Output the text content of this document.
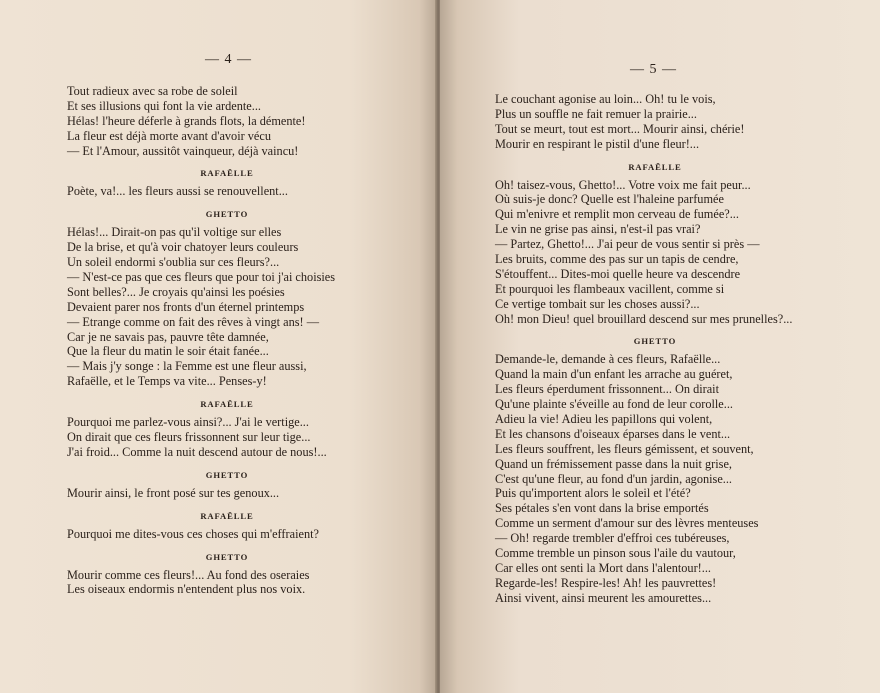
— 4 —
Tout radieux avec sa robe de soleil
Et ses illusions qui font la vie ardente...
Hélas! l'heure déferle à grands flots, la démente!
La fleur est déjà morte avant d'avoir vécu
— Et l'Amour, aussitôt vainqueur, déjà vaincu!
RAFAËLLE
Poète, va!... les fleurs aussi se renouvellent...
GHETTO
Hélas!... Dirait-on pas qu'il voltige sur elles
De la brise, et qu'à voir chatoyer leurs couleurs
Un soleil endormi s'oublia sur ces fleurs?...
— N'est-ce pas que ces fleurs que pour toi j'ai choisies
Sont belles?... Je croyais qu'ainsi les poésies
Devaient parer nos fronts d'un éternel printemps
— Etrange comme on fait des rêves à vingt ans! —
Car je ne savais pas, pauvre tête damnée,
Que la fleur du matin le soir était fanée...
— Mais j'y songe : la Femme est une fleur aussi,
Rafaëlle, et le Temps va vite... Penses-y!
RAFAËLLE
Pourquoi me parlez-vous ainsi?... J'ai le vertige...
On dirait que ces fleurs frissonnent sur leur tige...
J'ai froid... Comme la nuit descend autour de nous!...
GHETTO
Mourir ainsi, le front posé sur tes genoux...
RAFAËLLE
Pourquoi me dites-vous ces choses qui m'effraient?
GHETTO
Mourir comme ces fleurs!... Au fond des oseraies
Les oiseaux endormis n'entendent plus nos voix.
— 5 —
Le couchant agonise au loin... Oh! tu le vois,
Plus un souffle ne fait remuer la prairie...
Tout se meurt, tout est mort... Mourir ainsi, chérie!
Mourir en respirant le pistil d'une fleur!...
RAFAËLLE
Oh! taisez-vous, Ghetto!... Votre voix me fait peur...
Où suis-je donc? Quelle est l'haleine parfumée
Qui m'enivre et remplit mon cerveau de fumée?...
Le vin ne grise pas ainsi, n'est-il pas vrai?
— Partez, Ghetto!... J'ai peur de vous sentir si près —
Les bruits, comme des pas sur un tapis de cendre,
S'étouffent... Dites-moi quelle heure va descendre
Et pourquoi les flambeaux vacillent, comme si
Ce vertige tombait sur les choses aussi?...
Oh! mon Dieu! quel brouillard descend sur mes prunelles?...
GHETTO
Demande-le, demande à ces fleurs, Rafaëlle...
Quand la main d'un enfant les arrache au guéret,
Les fleurs éperdument frissonnent... On dirait
Qu'une plainte s'éveille au fond de leur corolle...
Adieu la vie! Adieu les papillons qui volent,
Et les chansons d'oiseaux éparses dans le vent...
Les fleurs souffrent, les fleurs gémissent, et souvent,
Quand un frémissement passe dans la nuit grise,
C'est qu'une fleur, au fond d'un jardin, agonise...
Puis qu'importent alors le soleil et l'été?
Ses pétales s'en vont dans la brise emportés
Comme un serment d'amour sur des lèvres menteuses
— Oh! regarde trembler d'effroi ces tubéreuses,
Comme tremble un pinson sous l'aile du vautour,
Car elles ont senti la Mort dans l'alentour!...
Regarde-les! Respire-les! Ah! les pauvrettes!
Ainsi vivent, ainsi meurent les amourettes...
